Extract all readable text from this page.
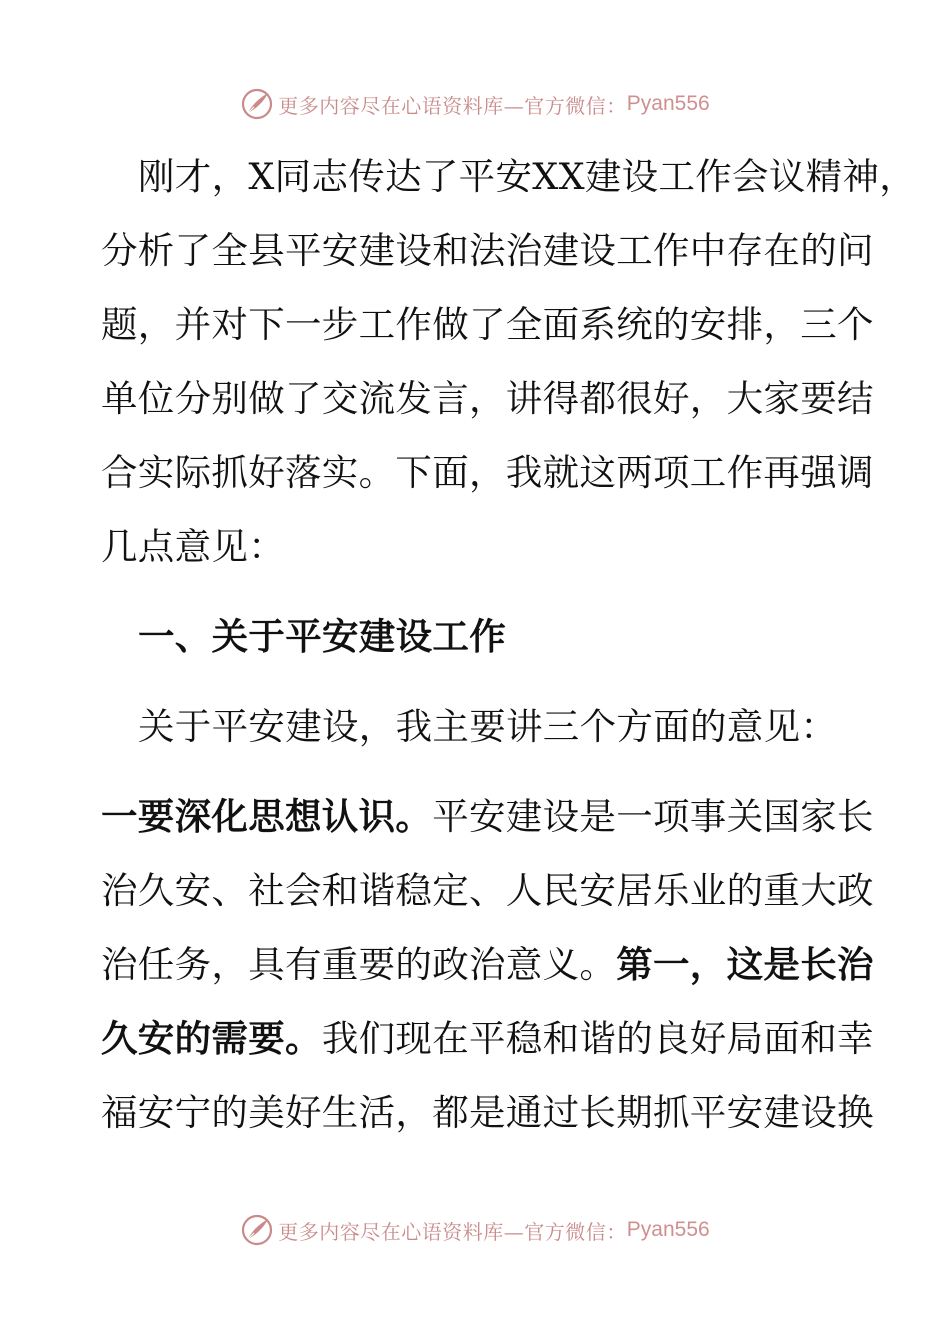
更多内容尽在心语资料库—官方微信： Pyan556
刚才，X同志传达了平安XX建设工作会议精神，
分析了全县平安建设和法治建设工作中存在的问
题，并对下一步工作做了全面系统的安排，三个
单位分别做了交流发言，讲得都很好，大家要结
合实际抓好落实。下面，我就这两项工作再强调
几点意见：
一、关于平安建设工作
关于平安建设，我主要讲三个方面的意见：
一要深化思想认识。平安建设是一项事关国家长
治久安、社会和谐稳定、人民安居乐业的重大政
治任务，具有重要的政治意义。第一，这是长治
久安的需要。我们现在平稳和谐的良好局面和幸
福安宁的美好生活，都是通过长期抓平安建设换
更多内容尽在心语资料库—官方微信： Pyan556
